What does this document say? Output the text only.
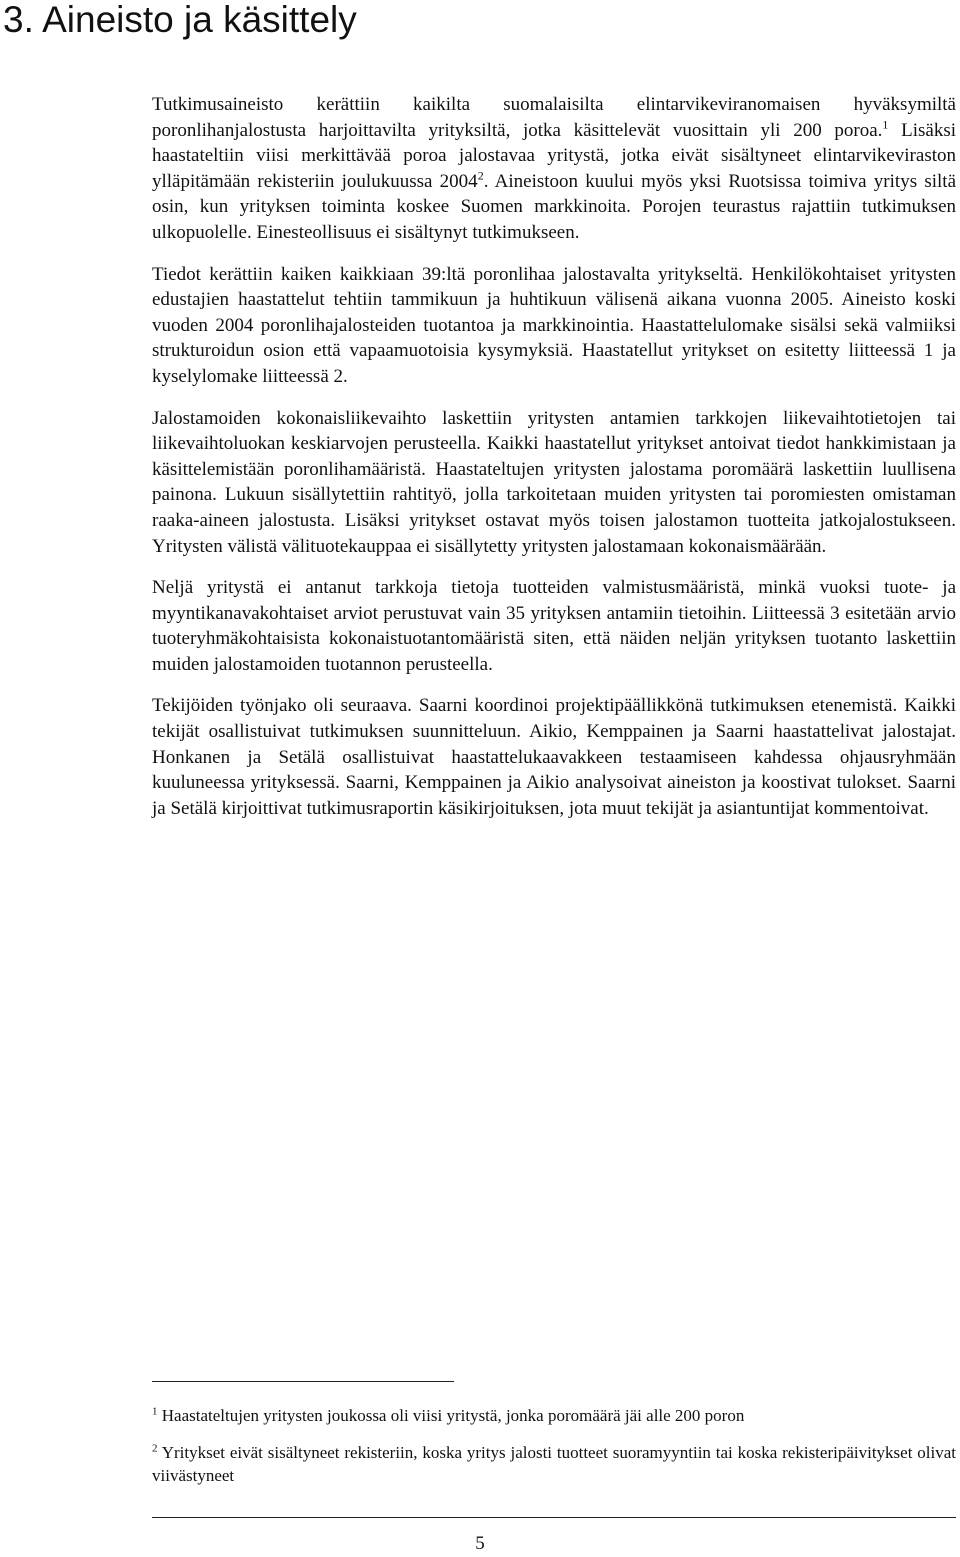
3. Aineisto ja käsittely

Tutkimusaineisto kerättiin kaikilta suomalaisilta elintarvikeviranomaisen hyväksymiltä poronlihanjalostusta harjoittavilta yrityksiltä, jotka käsittelevät vuosittain yli 200 poroa.$^1$ Lisäksi haastateltiin viisi merkittävää poroa jalostavaa yritystä, jotka eivät sisältyneet elintarvikeviraston ylläpitämään rekisteriin joulukuussa 2004$^2$. Aineistoon kuului myös yksi Ruotsissa toimiva yritys siltä osin, kun yrityksen toiminta koskee Suomen markkinoita. Porojen teurastus rajattiin tutkimuksen ulkopuolelle. Einesteollisuus ei sisältynyt tutkimukseen.

Tiedot kerättiin kaiken kaikkiaan 39:ltä poronlihaa jalostavalta yritykseltä. Henkilökohtaiset yritysten edustajien haastattelut tehtiin tammikuun ja huhtikuun välisenä aikana vuonna 2005. Aineisto koski vuoden 2004 poronlihajalosteiden tuotantoa ja markkinointia. Haastattelulomake sisälsi sekä valmiiksi strukturoidun osion että vapaamuotoisia kysymyksiä. Haastatellut yritykset on esitetty liitteessä 1 ja kyselylomake liitteessä 2.

Jalostamoiden kokonaisliikevaihto laskettiin yritysten antamien tarkkojen liikevaihtotietojen tai liikevaihtoluokan keskiarvojen perusteella. Kaikki haastatellut yritykset antoivat tiedot hankkimistaan ja käsittelemistään poronlihamääristä. Haastateltujen yritysten jalostama poromäärä laskettiin luullisena painona. Lukuun sisällytettiin rahtityö, jolla tarkoitetaan muiden yritysten tai poromiesten omistaman raaka-aineen jalostusta. Lisäksi yritykset ostavat myös toisen jalostamon tuotteita jatkojalostukseen. Yritysten välistä välituotekauppaa ei sisällytetty yritysten jalostamaan kokonaismäärään.

Neljä yritystä ei antanut tarkkoja tietoja tuotteiden valmistusmääristä, minkä vuoksi tuote- ja myyntikanavakohtaiset arviot perustuvat vain 35 yrityksen antamiin tietoihin. Liitteessä 3 esitetään arvio tuoteryhmäkohtaisista kokonaistuotantomääristä siten, että näiden neljän yrityksen tuotanto laskettiin muiden jalostamoiden tuotannon perusteella.

Tekijöiden työnjako oli seuraava. Saarni koordinoi projektipäällikkönä tutkimuksen etenemistä. Kaikki tekijät osallistuivat tutkimuksen suunnitteluun. Aikio, Kemppainen ja Saarni haastattelivat jalostajat. Honkanen ja Setälä osallistuivat haastattelukaavakkeen testaamiseen kahdessa ohjausryhmään kuuluneessa yrityksessä. Saarni, Kemppainen ja Aikio analysoivat aineiston ja koostivat tulokset. Saarni ja Setälä kirjoittivat tutkimusraportin käsikirjoituksen, jota muut tekijät ja asiantuntijat kommentoivat.

$^1$ Haastateltujen yritysten joukossa oli viisi yritystä, jonka poromäärä jäi alle 200 poron

$^2$ Yritykset eivät sisältyneet rekisteriin, koska yritys jalosti tuotteet suoramyyntiin tai koska rekisteripäivitykset olivat viivästyneet

5
